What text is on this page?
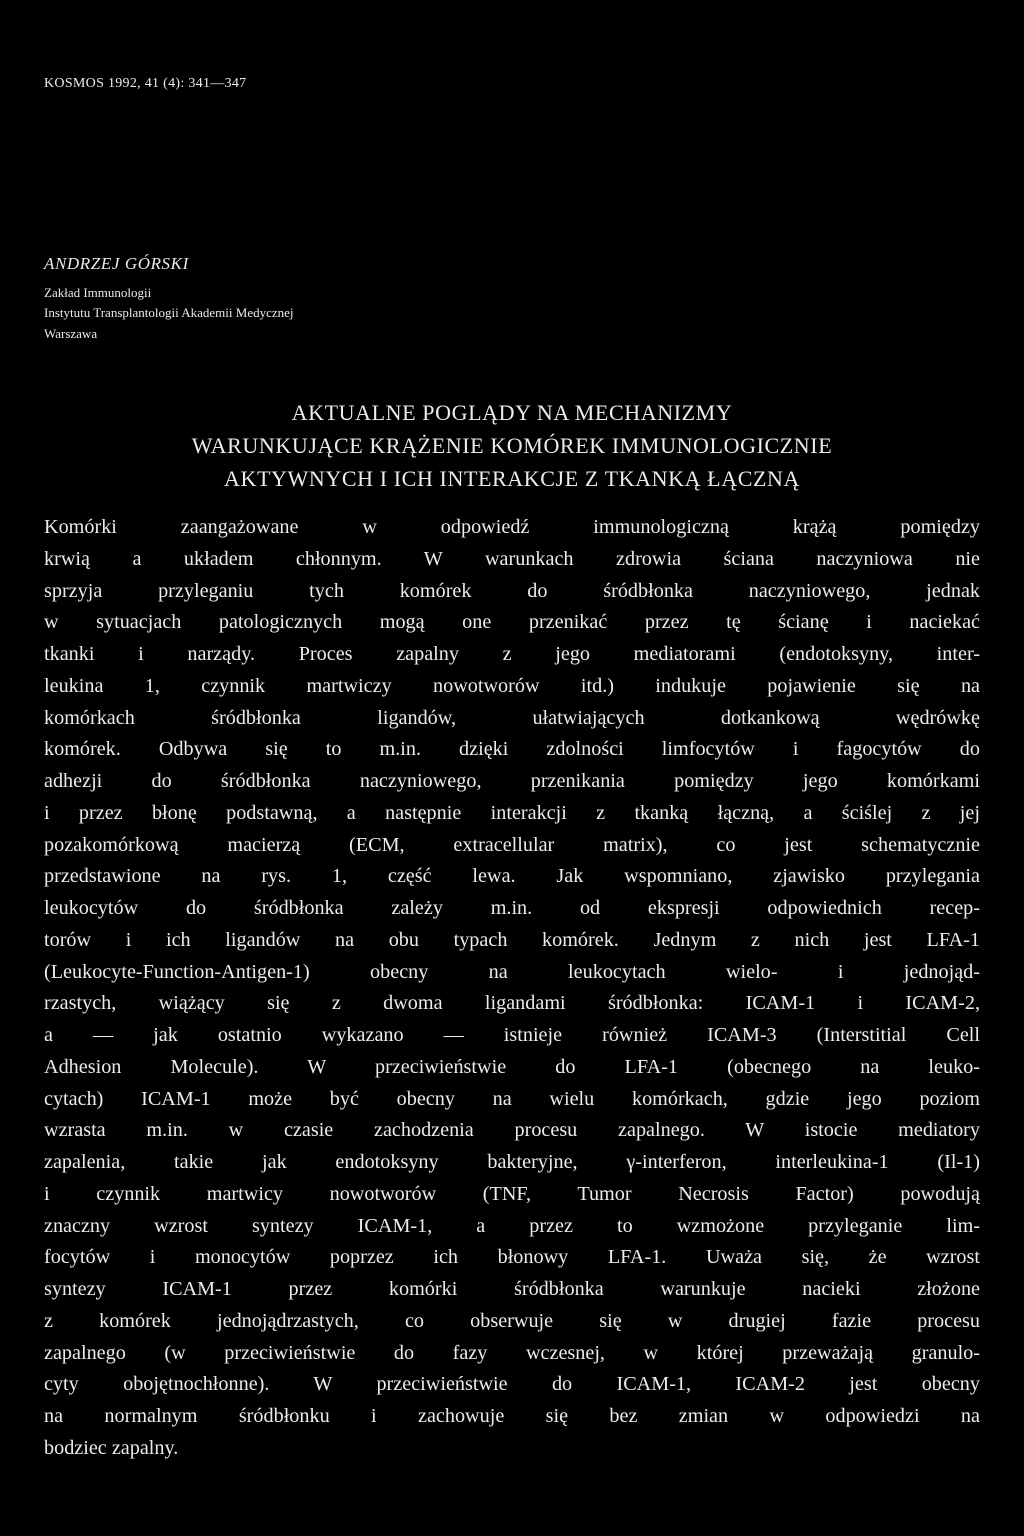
KOSMOS 1992, 41 (4): 341—347
ANDRZEJ GÓRSKI
Zakład Immunologii
Instytutu Transplantologii Akademii Medycznej
Warszawa
AKTUALNE POGLĄDY NA MECHANIZMY
WARUNKUJĄCE KRĄŻENIE KOMÓREK IMMUNOLOGICZNIE
AKTYWNYCH I ICH INTERAKCJE Z TKANKĄ ŁĄCZNĄ
Komórki zaangażowane w odpowiedź immunologiczną krążą pomiędzy
krwią a układem chłonnym. W warunkach zdrowia ściana naczyniowa nie
sprzyja przyleganiu tych komórek do śródbłonka naczyniowego, jednak
w sytuacjach patologicznych mogą one przenikać przez tę ścianę i naciekać
tkanki i narządy. Proces zapalny z jego mediatorami (endotoksyny, inter-
leukina 1, czynnik martwiczy nowotworów itd.) indukuje pojawienie się na
komórkach śródbłonka ligandów, ułatwiających dotkankową wędrówkę
komórek. Odbywa się to m.in. dzięki zdolności limfocytów i fagocytów do
adhezji do śródbłonka naczyniowego, przenikania pomiędzy jego komórkami
i przez błonę podstawną, a następnie interakcji z tkanką łączną, a ściślej z jej
pozakomórkową macierzą (ECM, extracellular matrix), co jest schematycznie
przedstawione na rys. 1, część lewa. Jak wspomniano, zjawisko przylegania
leukocytów do śródbłonka zależy m.in. od ekspresji odpowiednich recep-
torów i ich ligandów na obu typach komórek. Jednym z nich jest LFA-1
(Leukocyte-Function-Antigen-1) obecny na leukocytach wielo- i jednojąd-
rzastych, wiążący się z dwoma ligandami śródbłonka: ICAM-1 i ICAM-2,
a — jak ostatnio wykazano — istnieje również ICAM-3 (Interstitial Cell
Adhesion Molecule). W przeciwieństwie do LFA-1 (obecnego na leuko-
cytach) ICAM-1 może być obecny na wielu komórkach, gdzie jego poziom
wzrasta m.in. w czasie zachodzenia procesu zapalnego. W istocie mediatory
zapalenia, takie jak endotoksyny bakteryjne, γ-interferon, interleukina-1 (Il-1)
i czynnik martwicy nowotworów (TNF, Tumor Necrosis Factor) powodują
znaczny wzrost syntezy ICAM-1, a przez to wzmożone przyleganie lim-
focytów i monocytów poprzez ich błonowy LFA-1. Uważa się, że wzrost
syntezy ICAM-1 przez komórki śródbłonka warunkuje nacieki złożone
z komórek jednojądrzastych, co obserwuje się w drugiej fazie procesu
zapalnego (w przeciwieństwie do fazy wczesnej, w której przeważają granulo-
cyty obojętnochłonne). W przeciwieństwie do ICAM-1, ICAM-2 jest obecny
na normalnym śródbłonku i zachowuje się bez zmian w odpowiedzi na
bodziec zapalny.
